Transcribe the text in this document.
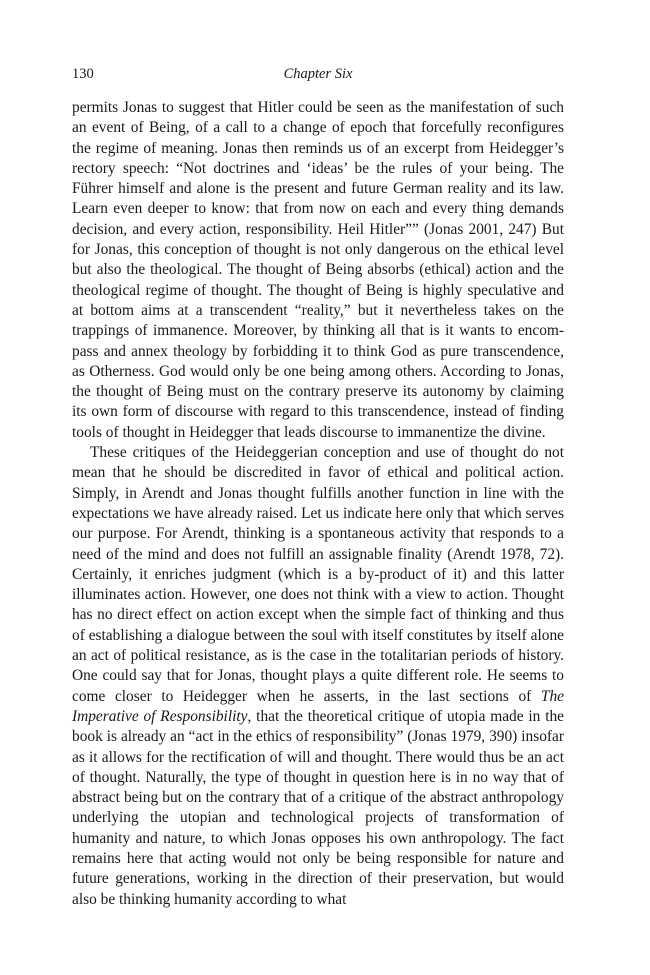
130	Chapter Six

permits Jonas to suggest that Hitler could be seen as the manifestation of such an event of Being, of a call to a change of epoch that forcefully reconfigures the regime of meaning. Jonas then reminds us of an excerpt from Heidegger’s rectory speech: “Not doctrines and ‘ideas’ be the rules of your being. The Führer himself and alone is the present and future German reality and its law. Learn even deeper to know: that from now on each and every thing demands decision, and every action, responsibility. Heil Hitler”” (Jonas 2001, 247) But for Jonas, this conception of thought is not only dangerous on the ethical level but also the theological. The thought of Being absorbs (ethical) action and the theological regime of thought. The thought of Being is highly speculative and at bottom aims at a transcendent “reality,” but it nevertheless takes on the trappings of immanence. Moreover, by thinking all that is it wants to encompass and annex theology by forbidding it to think God as pure transcendence, as Otherness. God would only be one being among others. According to Jonas, the thought of Being must on the contrary preserve its autonomy by claiming its own form of discourse with regard to this transcendence, instead of finding tools of thought in Heidegger that leads discourse to immanentize the divine.

These critiques of the Heideggerian conception and use of thought do not mean that he should be discredited in favor of ethical and political action. Simply, in Arendt and Jonas thought fulfills another function in line with the expectations we have already raised. Let us indicate here only that which serves our purpose. For Arendt, thinking is a spontaneous activity that responds to a need of the mind and does not fulfill an assignable finality (Arendt 1978, 72). Certainly, it enriches judgment (which is a by-product of it) and this latter illuminates action. However, one does not think with a view to action. Thought has no direct effect on action except when the simple fact of thinking and thus of establishing a dialogue between the soul with itself constitutes by itself alone an act of political resistance, as is the case in the totalitarian periods of history. One could say that for Jonas, thought plays a quite different role. He seems to come closer to Heidegger when he asserts, in the last sections of The Imperative of Responsibility, that the theoretical critique of utopia made in the book is already an “act in the ethics of responsibility” (Jonas 1979, 390) insofar as it allows for the rectification of will and thought. There would thus be an act of thought. Naturally, the type of thought in question here is in no way that of abstract being but on the contrary that of a critique of the abstract anthropology underlying the utopian and technological projects of transformation of humanity and nature, to which Jonas opposes his own anthropology. The fact remains here that acting would not only be being responsible for nature and future generations, working in the direction of their preservation, but would also be thinking humanity according to what
